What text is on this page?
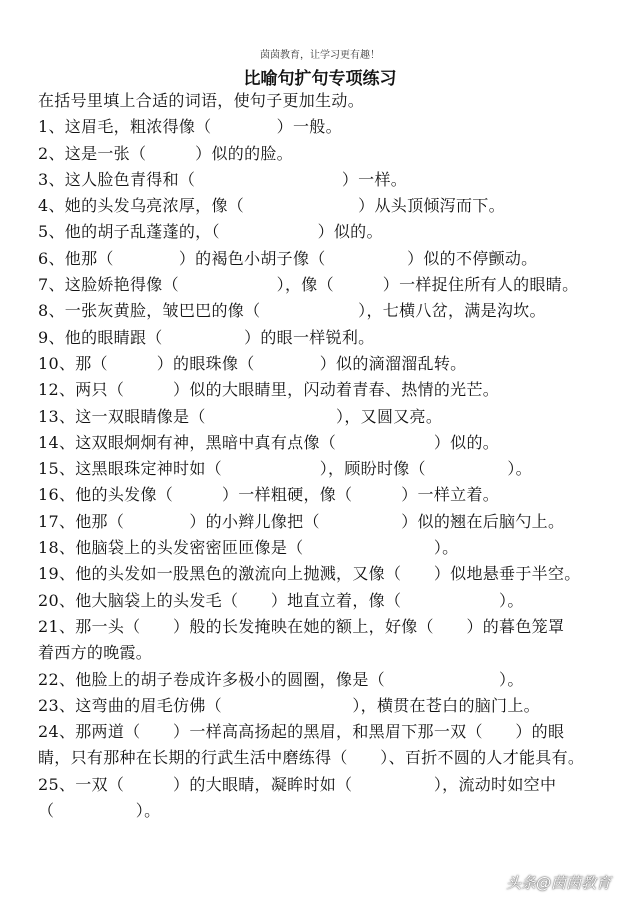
茵茵教育，让学习更有趣！
比喻句扩句专项练习
在括号里填上合适的词语，使句子更加生动。
1、这眉毛，粗浓得像（　　　　）一般。
2、这是一张（　　　）似的的脸。
3、这人脸色青得和（　　　　　　　　　）一样。
4、她的头发乌亮浓厚，像（　　　　　　　）从头顶倾泻而下。
5、他的胡子乱蓬蓬的，（　　　　　　）似的。
6、他那（　　　　）的褐色小胡子像（　　　　　）似的不停颤动。
7、这脸娇艳得像（　　　　　　），像（　　　）一样捉住所有人的眼睛。
8、一张灰黄脸，皱巴巴的像（　　　　　　），七横八岔，满是沟坎。
9、他的眼睛跟（　　　　　）的眼一样锐利。
10、那（　　　）的眼珠像（　　　　）似的滴溜溜乱转。
12、两只（　　　）似的大眼睛里，闪动着青春、热情的光芒。
13、这一双眼睛像是（　　　　　　　　），又圆又亮。
14、这双眼炯炯有神，黑暗中真有点像（　　　　　　）似的。
15、这黑眼珠定神时如（　　　　　　），顾盼时像（　　　　　）。
16、他的头发像（　　　）一样粗硬，像（　　　）一样立着。
17、他那（　　　　）的小辫儿像把（　　　　　）似的翘在后脑勺上。
18、他脑袋上的头发密密匝匝像是（　　　　　　　　）。
19、他的头发如一股黑色的激流向上抛溅，又像（　　）似地悬垂于半空。
20、他大脑袋上的头发毛（　　）地直立着，像（　　　　　　）。
21、那一头（　　）般的长发掩映在她的额上，好像（　　）的暮色笼罩
着西方的晚霞。
22、他脸上的胡子卷成许多极小的圆圈，像是（　　　　　　　）。
23、这弯曲的眉毛仿佛（　　　　　　　　），横贯在苍白的脑门上。
24、那两道（　　）一样高高扬起的黑眉，和黑眉下那一双（　　）的眼
睛，只有那种在长期的行武生活中磨练得（　　）、百折不圆的人才能具有。
25、一双（　　　）的大眼睛，凝眸时如（　　　　　），流动时如空中
（　　　　　）。
头条@茵茵教育
